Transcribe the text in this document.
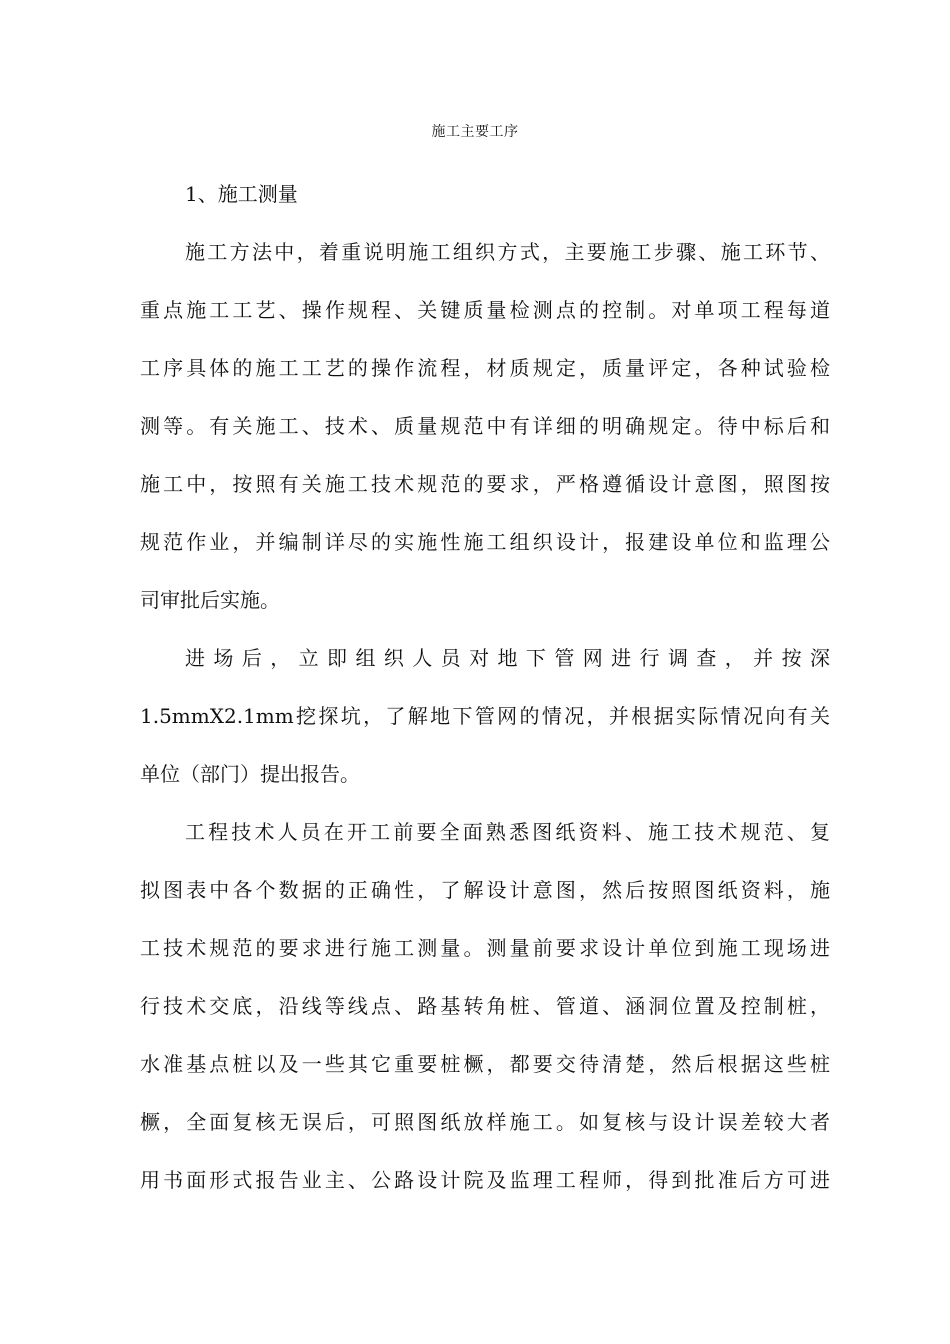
施工主要工序
1、施工测量
施工方法中，着重说明施工组织方式，主要施工步骤、施工环节、
重点施工工艺、操作规程、关键质量检测点的控制。对单项工程每道
工序具体的施工工艺的操作流程，材质规定，质量评定，各种试验检
测等。有关施工、技术、质量规范中有详细的明确规定。待中标后和
施工中，按照有关施工技术规范的要求，严格遵循设计意图，照图按
规范作业，并编制详尽的实施性施工组织设计，报建设单位和监理公
司审批后实施。
进场后，立即组织人员对地下管网进行调查，并按深
1.5mmX2.1mm挖探坑，了解地下管网的情况，并根据实际情况向有关
单位（部门）提出报告。
工程技术人员在开工前要全面熟悉图纸资料、施工技术规范、复
拟图表中各个数据的正确性，了解设计意图，然后按照图纸资料，施
工技术规范的要求进行施工测量。测量前要求设计单位到施工现场进
行技术交底，沿线等线点、路基转角桩、管道、涵洞位置及控制桩，
水准基点桩以及一些其它重要桩橛，都要交待清楚，然后根据这些桩
橛，全面复核无误后，可照图纸放样施工。如复核与设计误差较大者
用书面形式报告业主、公路设计院及监理工程师，得到批准后方可进
